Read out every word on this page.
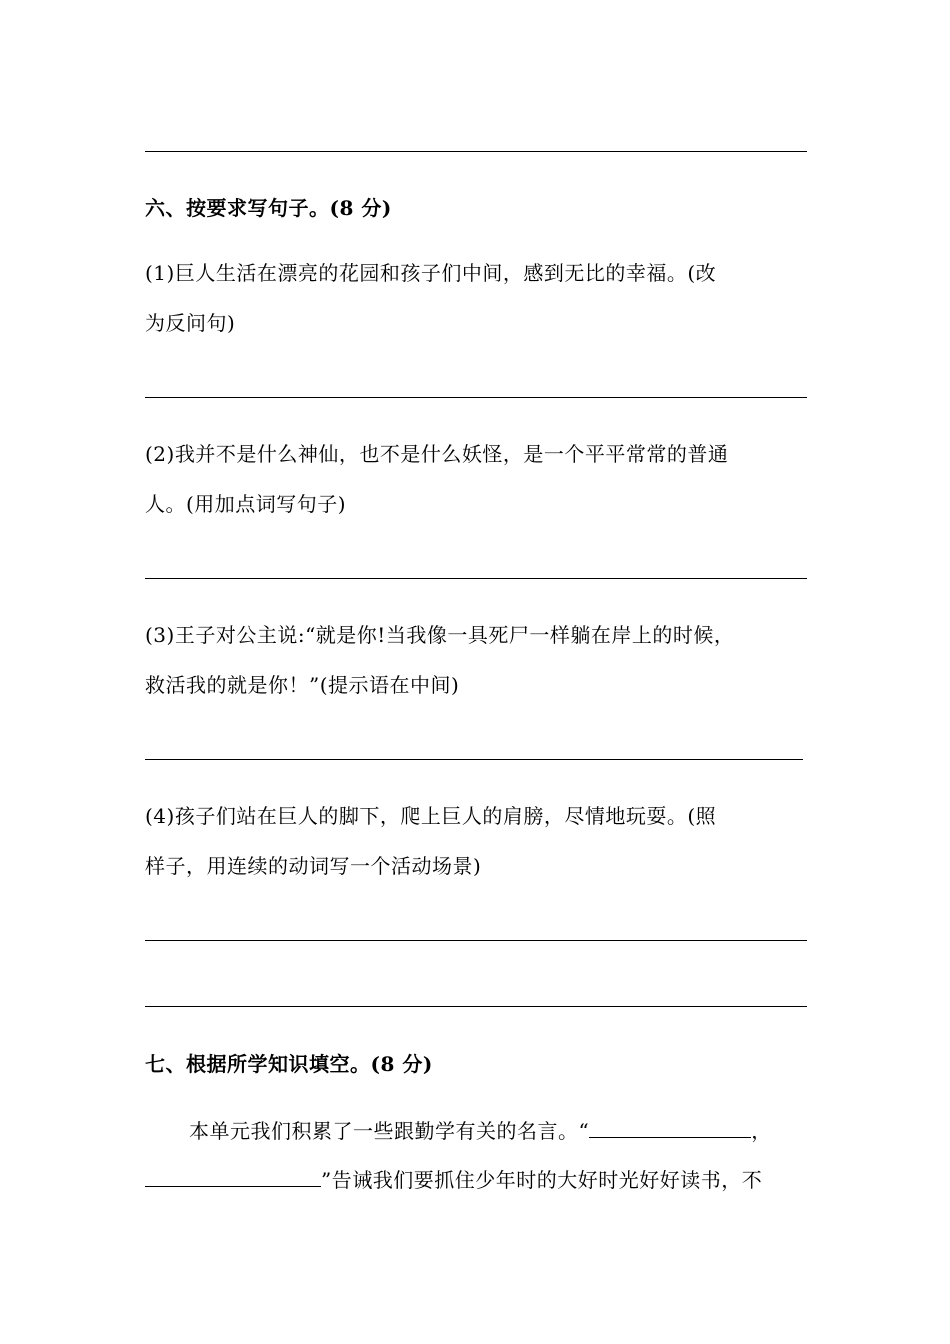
六、按要求写句子。(8 分)
(1)巨人生活在漂亮的花园和孩子们中间，感到无比的幸福。(改
为反问句)
(2)我并不是什么神仙，也不是什么妖怪，是一个平平常常的普通
人。(用加点词写句子)
(3)王子对公主说:“就是你!当我像一具死尸一样躺在岸上的时候，
救活我的就是你！”(提示语在中间)
(4)孩子们站在巨人的脚下，爬上巨人的肩膀，尽情地玩耍。(照
样子，用连续的动词写一个活动场景)
七、根据所学知识填空。(8 分)
本单元我们积累了一些跟勤学有关的名言。“	，
”告诫我们要抓住少年时的大好时光好好读书，不
